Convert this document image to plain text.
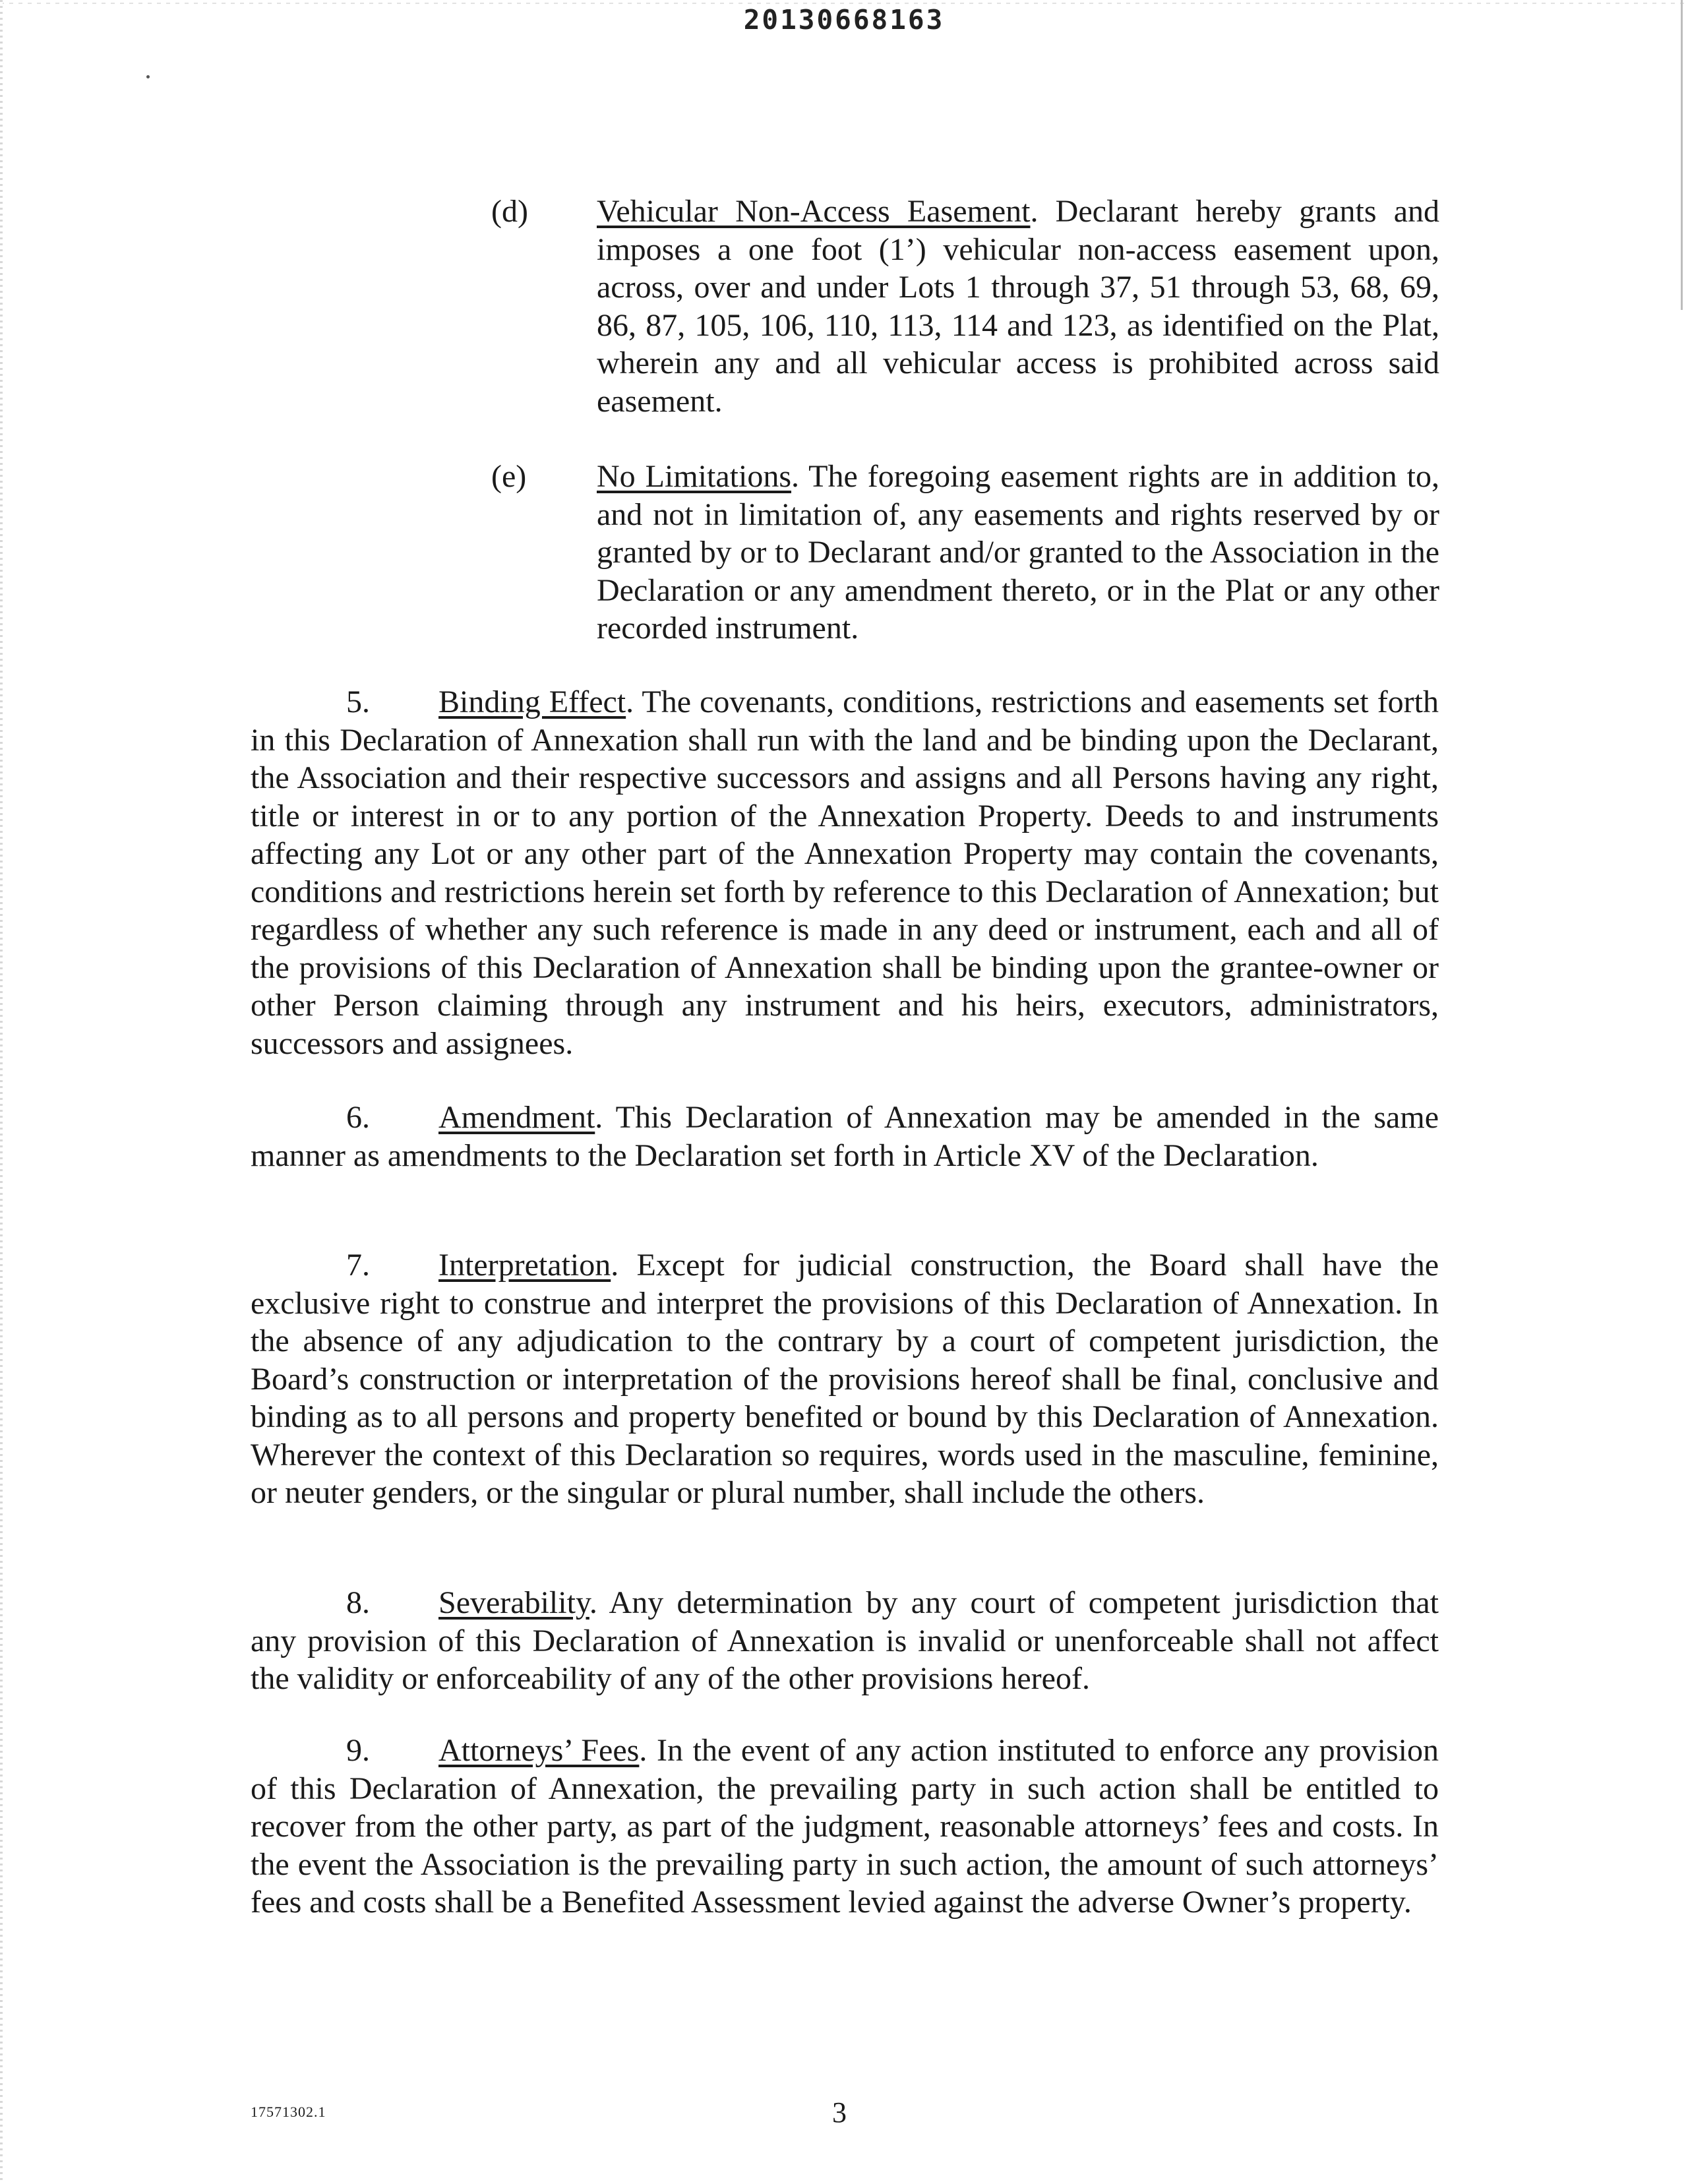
20130668163
(d) Vehicular Non-Access Easement. Declarant hereby grants and imposes a one foot (1’) vehicular non-access easement upon, across, over and under Lots 1 through 37, 51 through 53, 68, 69, 86, 87, 105, 106, 110, 113, 114 and 123, as identified on the Plat, wherein any and all vehicular access is prohibited across said easement.

(e) No Limitations. The foregoing easement rights are in addition to, and not in limitation of, any easements and rights reserved by or granted by or to Declarant and/or granted to the Association in the Declaration or any amendment thereto, or in the Plat or any other recorded instrument.

5. Binding Effect. The covenants, conditions, restrictions and easements set forth in this Declaration of Annexation shall run with the land and be binding upon the Declarant, the Association and their respective successors and assigns and all Persons having any right, title or interest in or to any portion of the Annexation Property. Deeds to and instruments affecting any Lot or any other part of the Annexation Property may contain the covenants, conditions and restrictions herein set forth by reference to this Declaration of Annexation; but regardless of whether any such reference is made in any deed or instrument, each and all of the provisions of this Declaration of Annexation shall be binding upon the grantee-owner or other Person claiming through any instrument and his heirs, executors, administrators, successors and assignees.

6. Amendment. This Declaration of Annexation may be amended in the same manner as amendments to the Declaration set forth in Article XV of the Declaration.

7. Interpretation. Except for judicial construction, the Board shall have the exclusive right to construe and interpret the provisions of this Declaration of Annexation. In the absence of any adjudication to the contrary by a court of competent jurisdiction, the Board’s construction or interpretation of the provisions hereof shall be final, conclusive and binding as to all persons and property benefited or bound by this Declaration of Annexation. Wherever the context of this Declaration so requires, words used in the masculine, feminine, or neuter genders, or the singular or plural number, shall include the others.

8. Severability. Any determination by any court of competent jurisdiction that any provision of this Declaration of Annexation is invalid or unenforceable shall not affect the validity or enforceability of any of the other provisions hereof.

9. Attorneys’ Fees. In the event of any action instituted to enforce any provision of this Declaration of Annexation, the prevailing party in such action shall be entitled to recover from the other party, as part of the judgment, reasonable attorneys’ fees and costs. In the event the Association is the prevailing party in such action, the amount of such attorneys’ fees and costs shall be a Benefited Assessment levied against the adverse Owner’s property.

17571302.1	3
